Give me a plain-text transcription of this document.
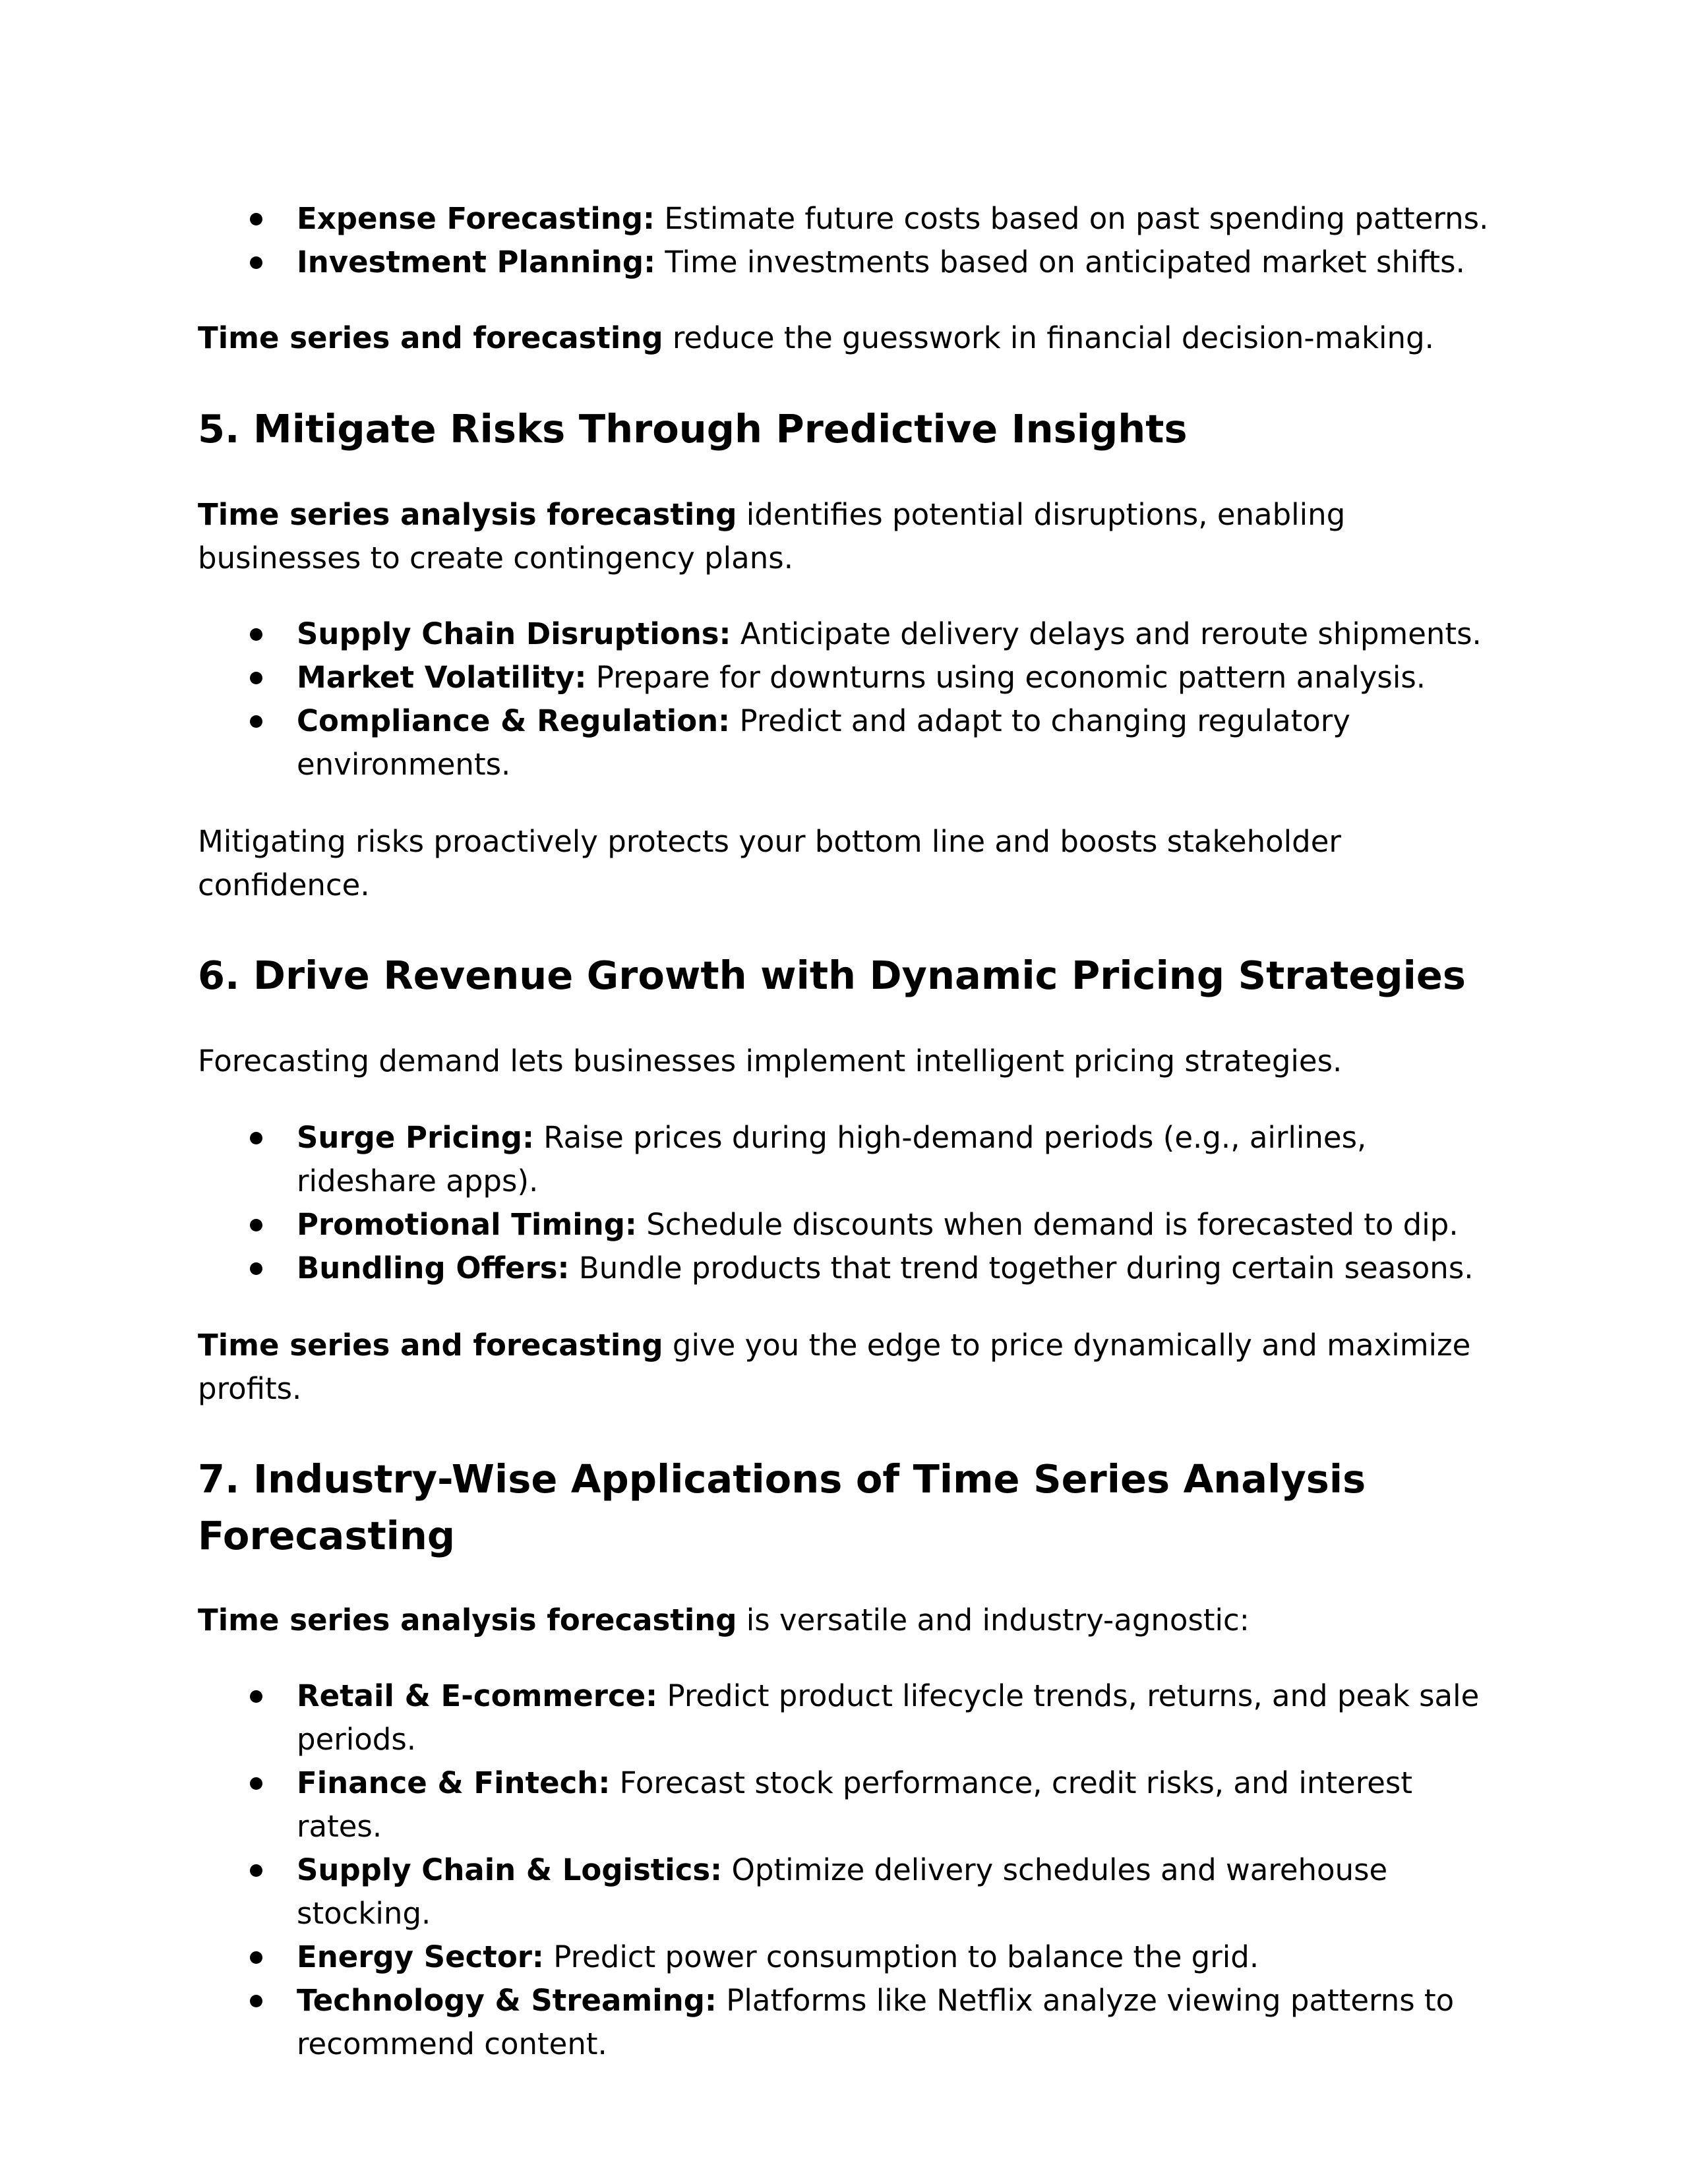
Expense Forecasting: Estimate future costs based on past spending patterns.
Investment Planning: Time investments based on anticipated market shifts.

Time series and forecasting reduce the guesswork in financial decision-making.

5. Mitigate Risks Through Predictive Insights

Time series analysis forecasting identifies potential disruptions, enabling businesses to create contingency plans.

Supply Chain Disruptions: Anticipate delivery delays and reroute shipments.
Market Volatility: Prepare for downturns using economic pattern analysis.
Compliance & Regulation: Predict and adapt to changing regulatory environments.

Mitigating risks proactively protects your bottom line and boosts stakeholder confidence.

6. Drive Revenue Growth with Dynamic Pricing Strategies

Forecasting demand lets businesses implement intelligent pricing strategies.

Surge Pricing: Raise prices during high-demand periods (e.g., airlines, rideshare apps).
Promotional Timing: Schedule discounts when demand is forecasted to dip.
Bundling Offers: Bundle products that trend together during certain seasons.

Time series and forecasting give you the edge to price dynamically and maximize profits.

7. Industry-Wise Applications of Time Series Analysis Forecasting

Time series analysis forecasting is versatile and industry-agnostic:

Retail & E-commerce: Predict product lifecycle trends, returns, and peak sale periods.
Finance & Fintech: Forecast stock performance, credit risks, and interest rates.
Supply Chain & Logistics: Optimize delivery schedules and warehouse stocking.
Energy Sector: Predict power consumption to balance the grid.
Technology & Streaming: Platforms like Netflix analyze viewing patterns to recommend content.
